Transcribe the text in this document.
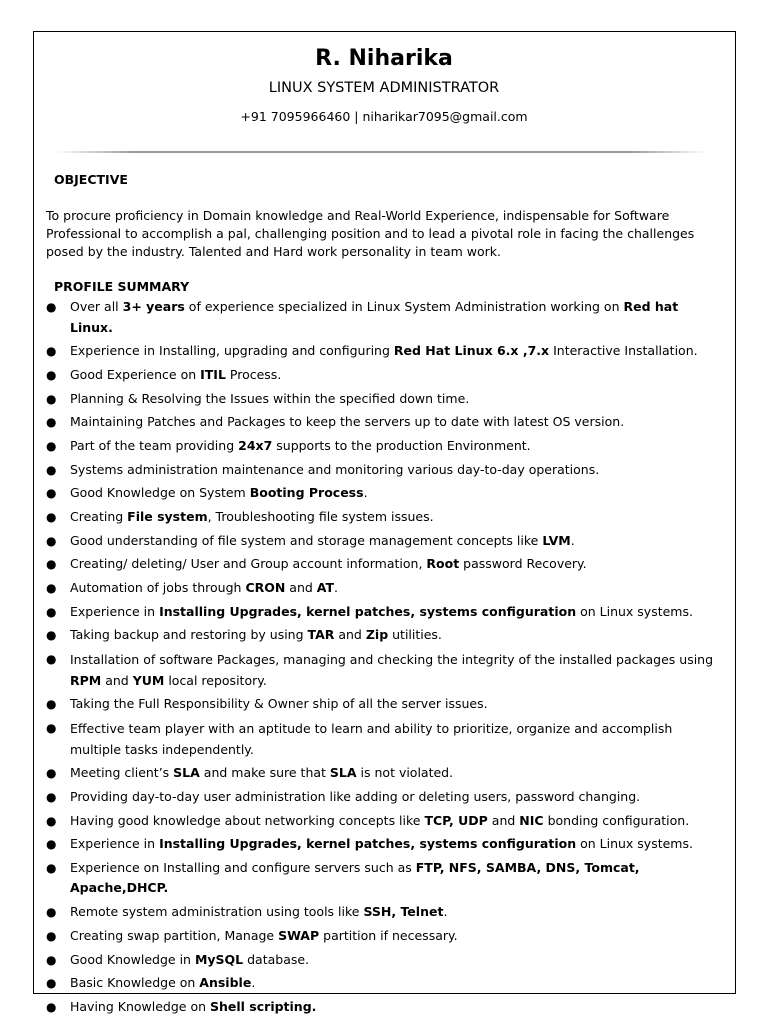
R. Niharika
LINUX SYSTEM ADMINISTRATOR
+91 7095966460 | niharikar7095@gmail.com
OBJECTIVE
To procure proficiency in Domain knowledge and Real-World Experience, indispensable for Software Professional to accomplish a pal, challenging position and to lead a pivotal role in facing the challenges posed by the industry. Talented and Hard work personality in team work.
PROFILE SUMMARY
● Over all 3+ years of experience specialized in Linux System Administration working on Red hat Linux.
● Experience in Installing, upgrading and configuring Red Hat Linux 6.x ,7.x Interactive Installation.
● Good Experience on ITIL Process.
● Planning & Resolving the Issues within the specified down time.
● Maintaining Patches and Packages to keep the servers up to date with latest OS version.
● Part of the team providing 24x7 supports to the production Environment.
● Systems administration maintenance and monitoring various day-to-day operations.
● Good Knowledge on System Booting Process.
● Creating File system, Troubleshooting file system issues.
● Good understanding of file system and storage management concepts like LVM.
● Creating/ deleting/ User and Group account information, Root password Recovery.
● Automation of jobs through CRON and AT.
● Experience in Installing Upgrades, kernel patches, systems configuration on Linux systems.
● Taking backup and restoring by using TAR and Zip utilities.
● Installation of software Packages, managing and checking the integrity of the installed packages using RPM and YUM local repository.
● Taking the Full Responsibility & Owner ship of all the server issues.
● Effective team player with an aptitude to learn and ability to prioritize, organize and accomplish multiple tasks independently.
● Meeting client’s SLA and make sure that SLA is not violated.
● Providing day-to-day user administration like adding or deleting users, password changing.
● Having good knowledge about networking concepts like TCP, UDP and NIC bonding configuration.
● Experience in Installing Upgrades, kernel patches, systems configuration on Linux systems.
● Experience on Installing and configure servers such as FTP, NFS, SAMBA, DNS, Tomcat, Apache,DHCP.
● Remote system administration using tools like SSH, Telnet.
● Creating swap partition, Manage SWAP partition if necessary.
● Good Knowledge in MySQL database.
● Basic Knowledge on Ansible.
● Having Knowledge on Shell scripting.
